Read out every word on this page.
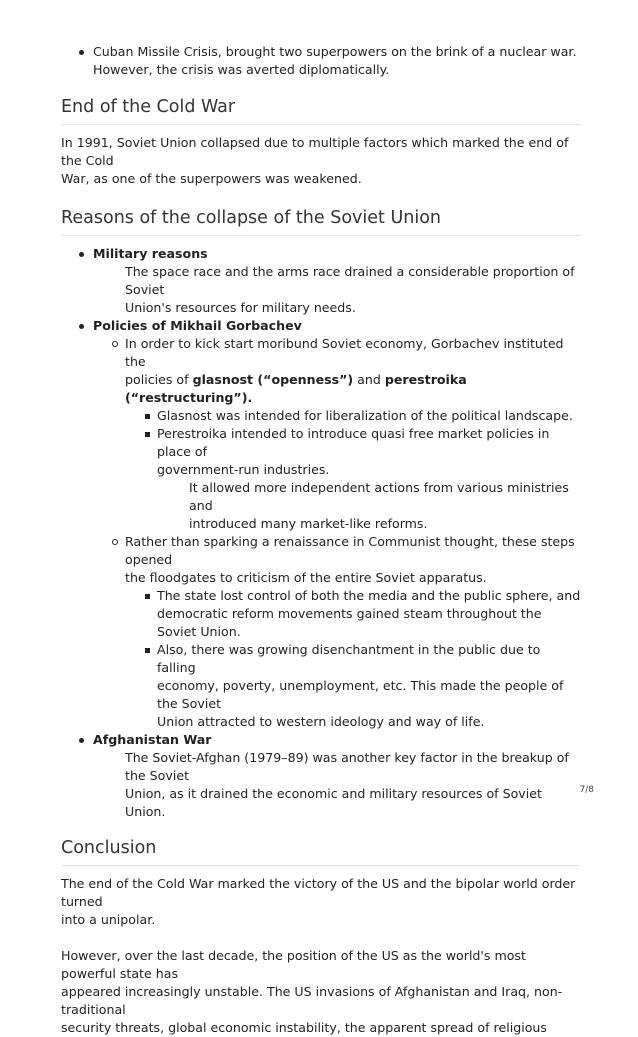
Cuban Missile Crisis, brought two superpowers on the brink of a nuclear war.
However, the crisis was averted diplomatically.
End of the Cold War

In 1991, Soviet Union collapsed due to multiple factors which marked the end of the Cold
War, as one of the superpowers was weakened.

Reasons of the collapse of the Soviet Union
Military reasons
The space race and the arms race drained a considerable proportion of Soviet
Union's resources for military needs.
Policies of Mikhail Gorbachev
In order to kick start moribund Soviet economy, Gorbachev instituted the
policies of glasnost (“openness”) and perestroika (“restructuring”).
Glasnost was intended for liberalization of the political landscape.
Perestroika intended to introduce quasi free market policies in place of
government-run industries.
It allowed more independent actions from various ministries and
introduced many market-like reforms.
Rather than sparking a renaissance in Communist thought, these steps opened
the floodgates to criticism of the entire Soviet apparatus.
The state lost control of both the media and the public sphere, and
democratic reform movements gained steam throughout the Soviet Union.
Also, there was growing disenchantment in the public due to falling
economy, poverty, unemployment, etc. This made the people of the Soviet
Union attracted to western ideology and way of life.
Afghanistan War
The Soviet-Afghan (1979–89) was another key factor in the breakup of the Soviet
Union, as it drained the economic and military resources of Soviet Union.
Conclusion

The end of the Cold War marked the victory of the US and the bipolar world order turned
into a unipolar.

However, over the last decade, the position of the US as the world's most powerful state has
appeared increasingly unstable. The US invasions of Afghanistan and Iraq, non-traditional
security threats, global economic instability, the apparent spread of religious

7/8
